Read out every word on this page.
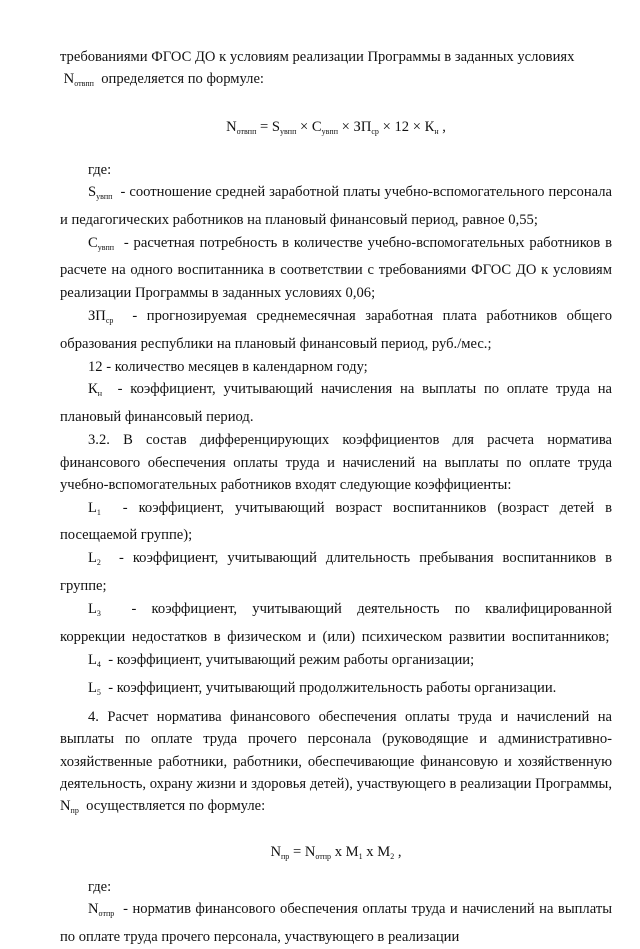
требованиями ФГОС ДО к условиям реализации Программы в заданных условиях
$N_{отвпп}$ определяется по формуле:

$N_{отвпп} = S_{увпп} \times C_{увпп} \times ЗП_{ср} \times 12 \times К_н$ ,

где:

$S_{увпп}$ - соотношение средней заработной платы учебно-вспомогательного персонала и педагогических работников на плановый финансовый период, равное 0,55;

$C_{увпп}$ - расчетная потребность в количестве учебно-вспомогательных работников в расчете на одного воспитанника в соответствии с требованиями ФГОС ДО к условиям реализации Программы в заданных условиях 0,06;

$ЗП_{ср}$ - прогнозируемая среднемесячная заработная плата работников общего образования республики на плановый финансовый период, руб./мес.;

12 - количество месяцев в календарном году;

$К_н$ - коэффициент, учитывающий начисления на выплаты по оплате труда на плановый финансовый период.

3.2. В состав дифференцирующих коэффициентов для расчета норматива финансового обеспечения оплаты труда и начислений на выплаты по оплате труда учебно-вспомогательных работников входят следующие коэффициенты:

$L_1$ - коэффициент, учитывающий возраст воспитанников (возраст детей в посещаемой группе);

$L_2$ - коэффициент, учитывающий длительность пребывания воспитанников в группе;

$L_3$ - коэффициент, учитывающий деятельность по квалифицированной коррекции недостатков в физическом и (или) психическом развитии воспитанников;

$L_4$ - коэффициент, учитывающий режим работы организации;

$L_5$ - коэффициент, учитывающий продолжительность работы организации.

4. Расчет норматива финансового обеспечения оплаты труда и начислений на выплаты по оплате труда прочего персонала (руководящие и административно-хозяйственные работники, работники, обеспечивающие финансовую и хозяйственную деятельность, охрану жизни и здоровья детей), участвующего в реализации Программы, $N_{пр}$ осуществляется по формуле:

$N_{пр} = N_{отпр}$ x $M_1$ x $M_2$ ,

где:

$N_{отпр}$ - норматив финансового обеспечения оплаты труда и начислений на выплаты по оплате труда прочего персонала, участвующего в реализации
